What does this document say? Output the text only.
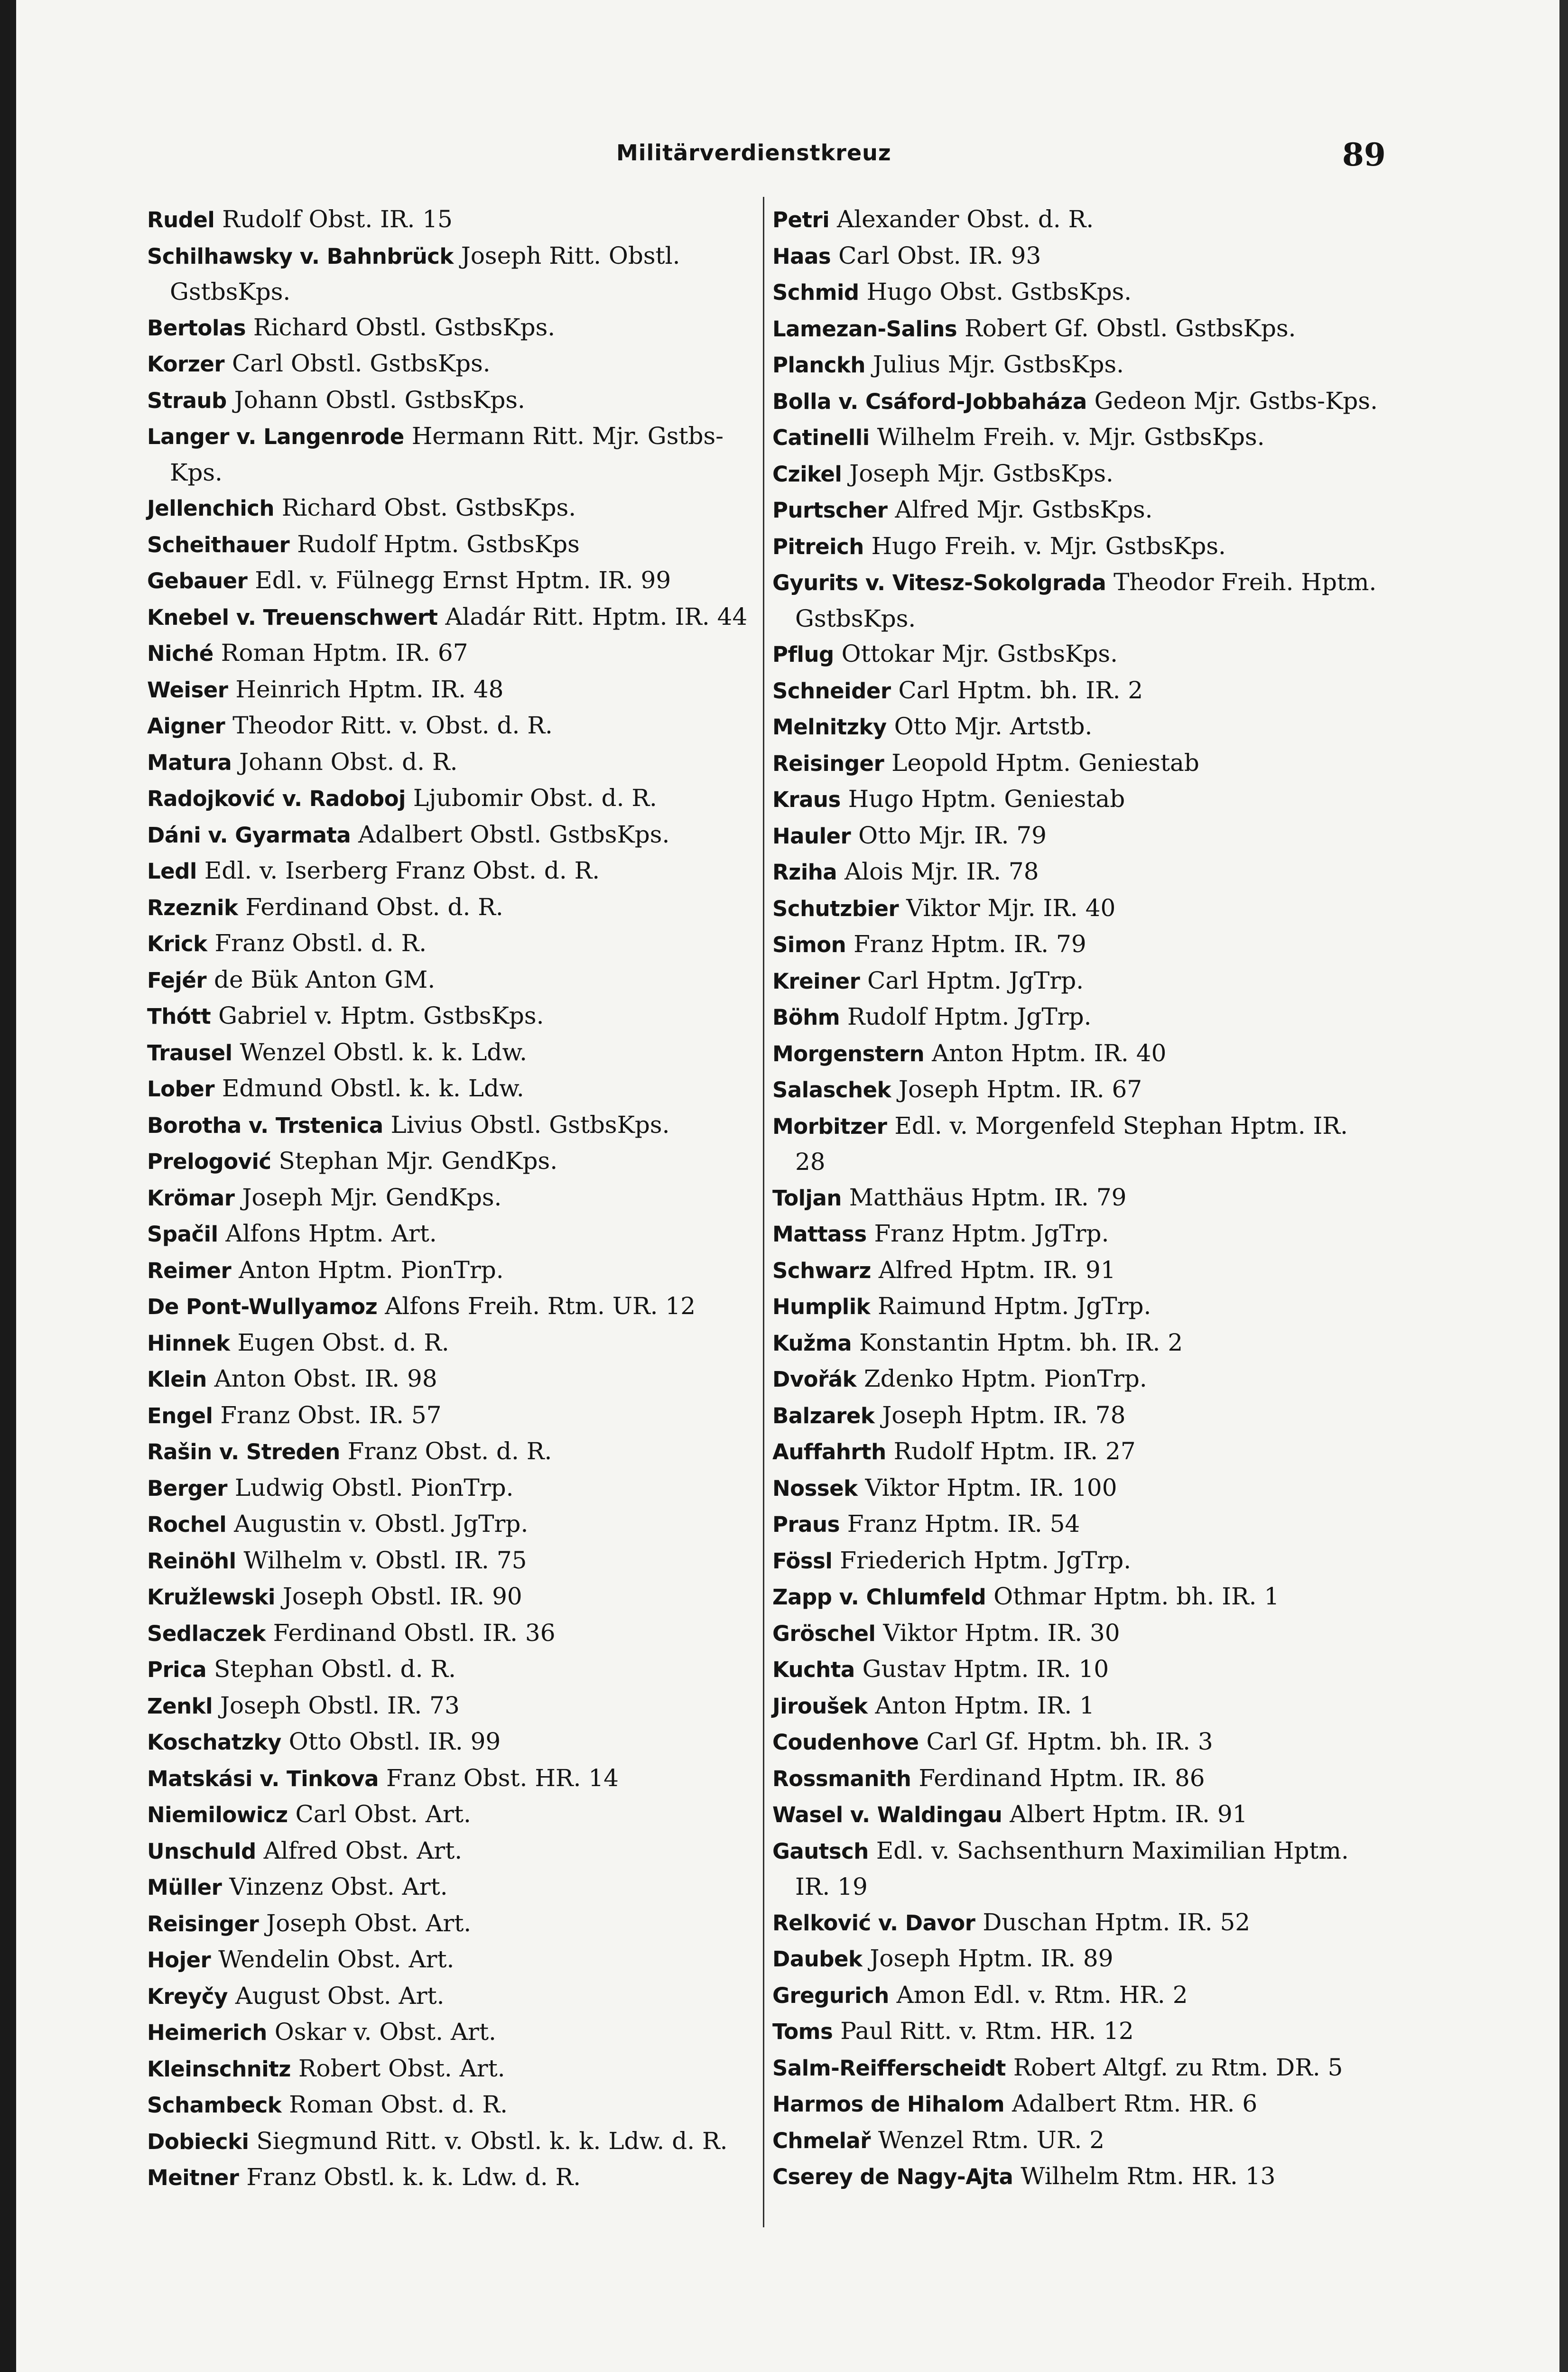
Militärverdienstkreuz	89

Rudel Rudolf Obst. IR. 15

Schilhawsky v. Bahnbrück Joseph Ritt. Obstl. GstbsKps.

Bertolas Richard Obstl. GstbsKps.

Korzer Carl Obstl. GstbsKps.

Straub Johann Obstl. GstbsKps.

Langer v. Langenrode Hermann Ritt. Mjr. Gstbs-Kps.

Jellenchich Richard Obst. GstbsKps.

Scheithauer Rudolf Hptm. GstbsKps

Gebauer Edl. v. Fülnegg Ernst Hptm. IR. 99

Knebel v. Treuenschwert Aladár Ritt. Hptm. IR. 44

Niché Roman Hptm. IR. 67

Weiser Heinrich Hptm. IR. 48

Aigner Theodor Ritt. v. Obst. d. R.

Matura Johann Obst. d. R.

Radojković v. Radoboj Ljubomir Obst. d. R.

Dáni v. Gyarmata Adalbert Obstl. GstbsKps.

Ledl Edl. v. Iserberg Franz Obst. d. R.

Rzeznik Ferdinand Obst. d. R.

Krick Franz Obstl. d. R.

Fejér de Bük Anton GM.

Thótt Gabriel v. Hptm. GstbsKps.

Trausel Wenzel Obstl. k. k. Ldw.

Lober Edmund Obstl. k. k. Ldw.

Borotha v. Trstenica Livius Obstl. GstbsKps.

Prelogović Stephan Mjr. GendKps.

Krömar Joseph Mjr. GendKps.

Spačil Alfons Hptm. Art.

Reimer Anton Hptm. PionTrp.

De Pont-Wullyamoz Alfons Freih. Rtm. UR. 12

Hinnek Eugen Obst. d. R.

Klein Anton Obst. IR. 98

Engel Franz Obst. IR. 57

Rašin v. Streden Franz Obst. d. R.

Berger Ludwig Obstl. PionTrp.

Rochel Augustin v. Obstl. JgTrp.

Reinöhl Wilhelm v. Obstl. IR. 75

Kružlewski Joseph Obstl. IR. 90

Sedlaczek Ferdinand Obstl. IR. 36

Prica Stephan Obstl. d. R.

Zenkl Joseph Obstl. IR. 73

Koschatzky Otto Obstl. IR. 99

Matskási v. Tinkova Franz Obst. HR. 14

Niemilowicz Carl Obst. Art.

Unschuld Alfred Obst. Art.

Müller Vinzenz Obst. Art.

Reisinger Joseph Obst. Art.

Hojer Wendelin Obst. Art.

Kreyčy August Obst. Art.

Heimerich Oskar v. Obst. Art.

Kleinschnitz Robert Obst. Art.

Schambeck Roman Obst. d. R.

Dobiecki Siegmund Ritt. v. Obstl. k. k. Ldw. d. R.

Meitner Franz Obstl. k. k. Ldw. d. R.

Petri Alexander Obst. d. R.

Haas Carl Obst. IR. 93

Schmid Hugo Obst. GstbsKps.

Lamezan-Salins Robert Gf. Obstl. GstbsKps.

Planckh Julius Mjr. GstbsKps.

Bolla v. Csáford-Jobbaháza Gedeon Mjr. Gstbs-Kps.

Catinelli Wilhelm Freih. v. Mjr. GstbsKps.

Czikel Joseph Mjr. GstbsKps.

Purtscher Alfred Mjr. GstbsKps.

Pitreich Hugo Freih. v. Mjr. GstbsKps.

Gyurits v. Vitesz-Sokolgrada Theodor Freih. Hptm. GstbsKps.

Pflug Ottokar Mjr. GstbsKps.

Schneider Carl Hptm. bh. IR. 2

Melnitzky Otto Mjr. Artstb.

Reisinger Leopold Hptm. Geniestab

Kraus Hugo Hptm. Geniestab

Hauler Otto Mjr. IR. 79

Rziha Alois Mjr. IR. 78

Schutzbier Viktor Mjr. IR. 40

Simon Franz Hptm. IR. 79

Kreiner Carl Hptm. JgTrp.

Böhm Rudolf Hptm. JgTrp.

Morgenstern Anton Hptm. IR. 40

Salaschek Joseph Hptm. IR. 67

Morbitzer Edl. v. Morgenfeld Stephan Hptm. IR. 28

Toljan Matthäus Hptm. IR. 79

Mattass Franz Hptm. JgTrp.

Schwarz Alfred Hptm. IR. 91

Humplik Raimund Hptm. JgTrp.

Kužma Konstantin Hptm. bh. IR. 2

Dvořák Zdenko Hptm. PionTrp.

Balzarek Joseph Hptm. IR. 78

Auffahrth Rudolf Hptm. IR. 27

Nossek Viktor Hptm. IR. 100

Praus Franz Hptm. IR. 54

Fössl Friederich Hptm. JgTrp.

Zapp v. Chlumfeld Othmar Hptm. bh. IR. 1

Gröschel Viktor Hptm. IR. 30

Kuchta Gustav Hptm. IR. 10

Jiroušek Anton Hptm. IR. 1

Coudenhove Carl Gf. Hptm. bh. IR. 3

Rossmanith Ferdinand Hptm. IR. 86

Wasel v. Waldingau Albert Hptm. IR. 91

Gautsch Edl. v. Sachsenthurn Maximilian Hptm. IR. 19

Relković v. Davor Duschan Hptm. IR. 52

Daubek Joseph Hptm. IR. 89

Gregurich Amon Edl. v. Rtm. HR. 2

Toms Paul Ritt. v. Rtm. HR. 12

Salm-Reifferscheidt Robert Altgf. zu Rtm. DR. 5

Harmos de Hihalom Adalbert Rtm. HR. 6

Chmelař Wenzel Rtm. UR. 2

Cserey de Nagy-Ajta Wilhelm Rtm. HR. 13
